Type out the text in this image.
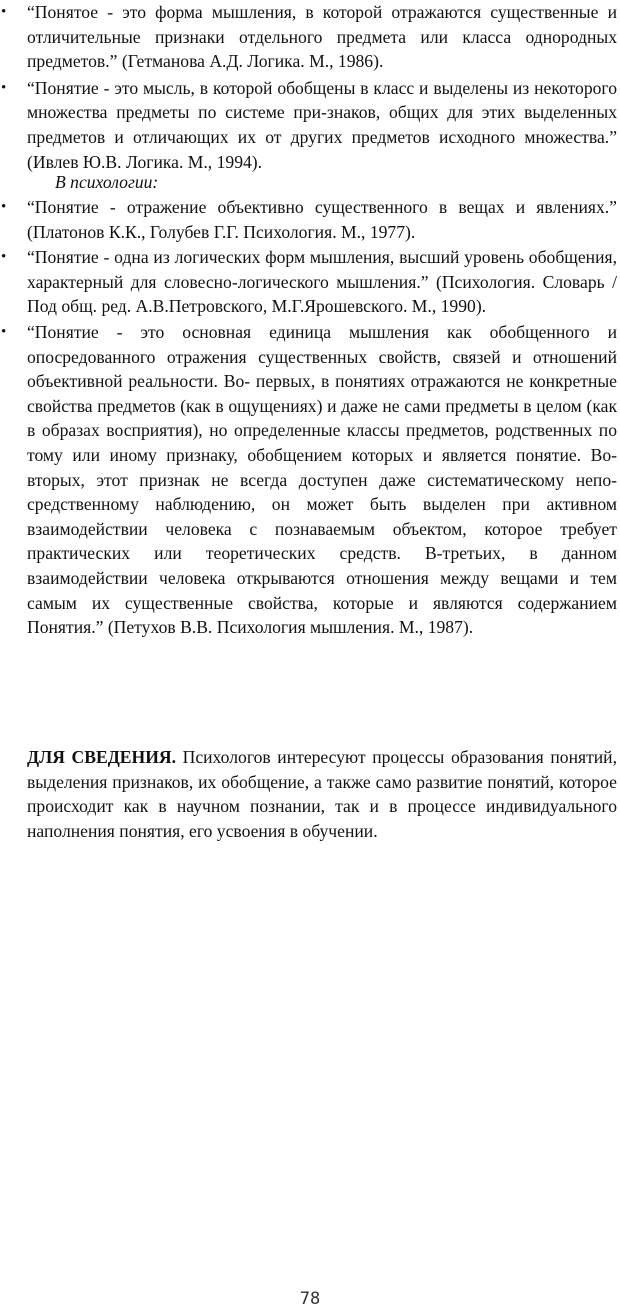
• “Понятое - это форма мышления, в которой отражаются существенные и отличительные признаки отдельного предмета или класса однородных предметов.” (Гетманова А.Д. Логика. М., 1986).
• “Понятие - это мысль, в которой обобщены в класс и выделены из некоторого множества предметы по системе при-знаков, общих для этих выделенных предметов и отличающих их от других предметов исходного множества.” (Ивлев Ю.В. Логика. М., 1994).
В психологии:
• “Понятие - отражение объективно существенного в вещах и явлениях.” (Платонов К.К., Голубев Г.Г. Психология. М., 1977).
• “Понятие - одна из логических форм мышления, высший уровень обобщения, характерный для словесно-логического мышления.” (Психология. Словарь /Под общ. ред. А.В.Петровского, М.Г.Ярошевского. М., 1990).
• “Понятие - это основная единица мышления как обобщенного и опосредованного отражения существенных свойств, связей и отношений объективной реальности. Во- первых, в понятиях отражаются не конкретные свойства предметов (как в ощущениях) и даже не сами предметы в целом (как в образах восприятия), но определенные классы предметов, родственных по тому или иному признаку, обобщением которых и является понятие. Во-вторых, этот признак не всегда доступен даже систематическому непо-средственному наблюдению, он может быть выделен при активном взаимодействии человека с познаваемым объектом, которое требует практических или теоретических средств. В-третьих, в данном взаимодействии человека открываются отношения между вещами и тем самым их существенные свойства, которые и являются содержанием Понятия.” (Петухов В.В. Психология мышления. М., 1987).

ДЛЯ СВЕДЕНИЯ. Психологов интересуют процессы образования понятий, выделения признаков, их обобщение, а также само развитие понятий, которое происходит как в научном познании, так и в процессе индивидуального наполнения понятия, его усвоения в обучении.

78
